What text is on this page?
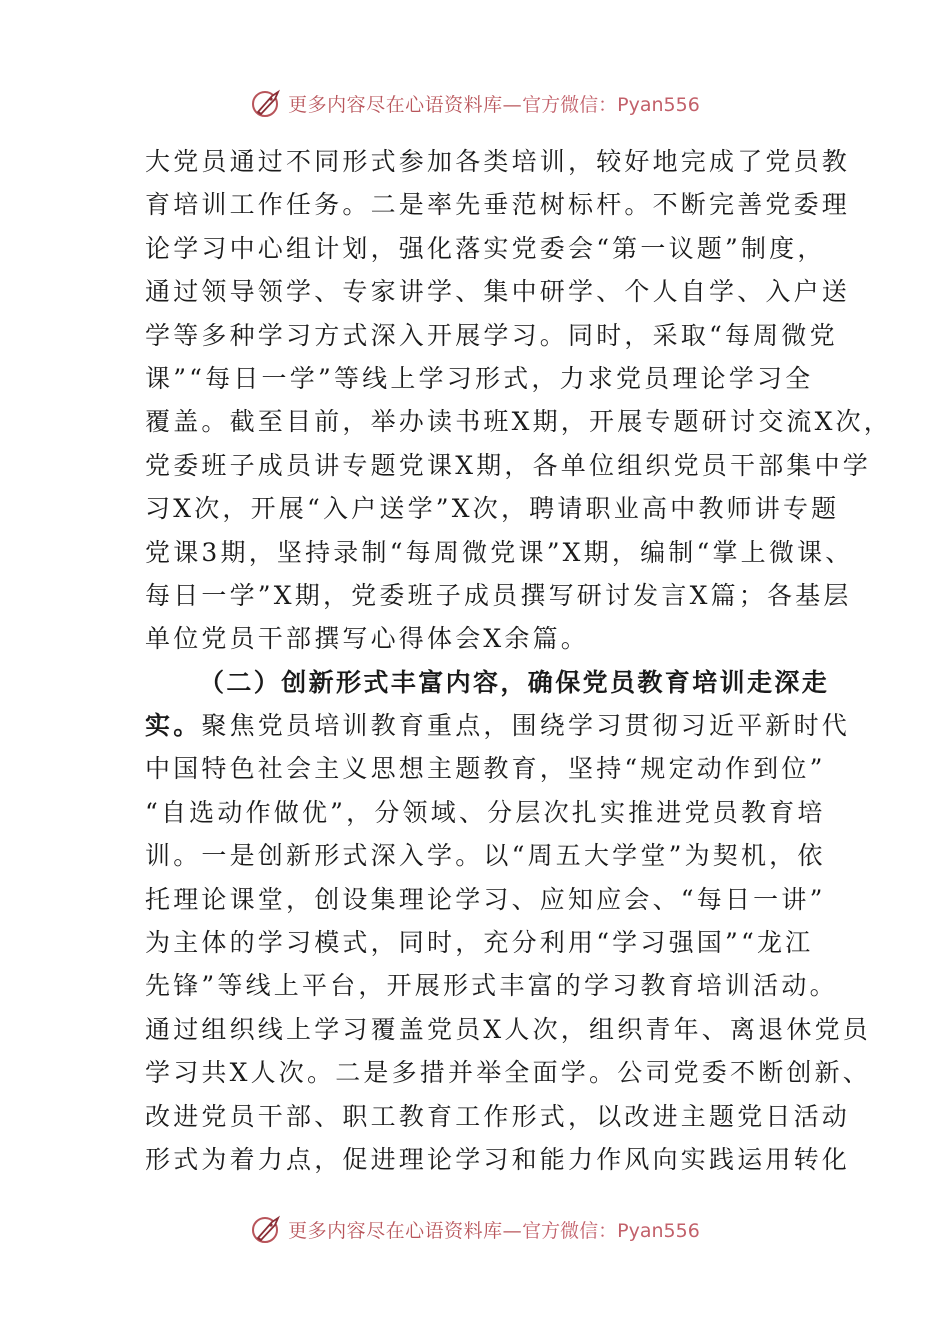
更多内容尽在心语资料库— 官方微信：Pyan556
大党员通过不同形式参加各类培训，较好地完成了党员教
育培训工作任务。二是率先垂范树标杆。不断完善党委理
论学习中心组计划，强化落实党委会“第一议题”制度，
通过领导领学、专家讲学、集中研学、个人自学、入户送
学等多种学习方式深入开展学习。同时，采取“每周微党
课”“每日一学”等线上学习形式，力求党员理论学习全
覆盖。截至目前，举办读书班X期，开展专题研讨交流X次，
党委班子成员讲专题党课X期，各单位组织党员干部集中学
习X次，开展“入户送学”X次，聘请职业高中教师讲专题
党课3期，坚持录制“每周微党课”X期，编制“掌上微课、
每日一学”X期，党委班子成员撰写研讨发言X篇；各基层
单位党员干部撰写心得体会X余篇。
（二）创新形式丰富内容，确保党员教育培训走深走
实。聚焦党员培训教育重点，围绕学习贯彻习近平新时代
中国特色社会主义思想主题教育，坚持“规定动作到位”
“自选动作做优”，分领域、分层次扎实推进党员教育培
训。一是创新形式深入学。以“周五大学堂”为契机，依
托理论课堂，创设集理论学习、应知应会、“每日一讲”
为主体的学习模式，同时，充分利用“学习强国”“龙江
先锋”等线上平台，开展形式丰富的学习教育培训活动。
通过组织线上学习覆盖党员X人次，组织青年、离退休党员
学习共X人次。二是多措并举全面学。公司党委不断创新、
改进党员干部、职工教育工作形式，以改进主题党日活动
形式为着力点，促进理论学习和能力作风向实践运用转化
更多内容尽在心语资料库— 官方微信：Pyan556
